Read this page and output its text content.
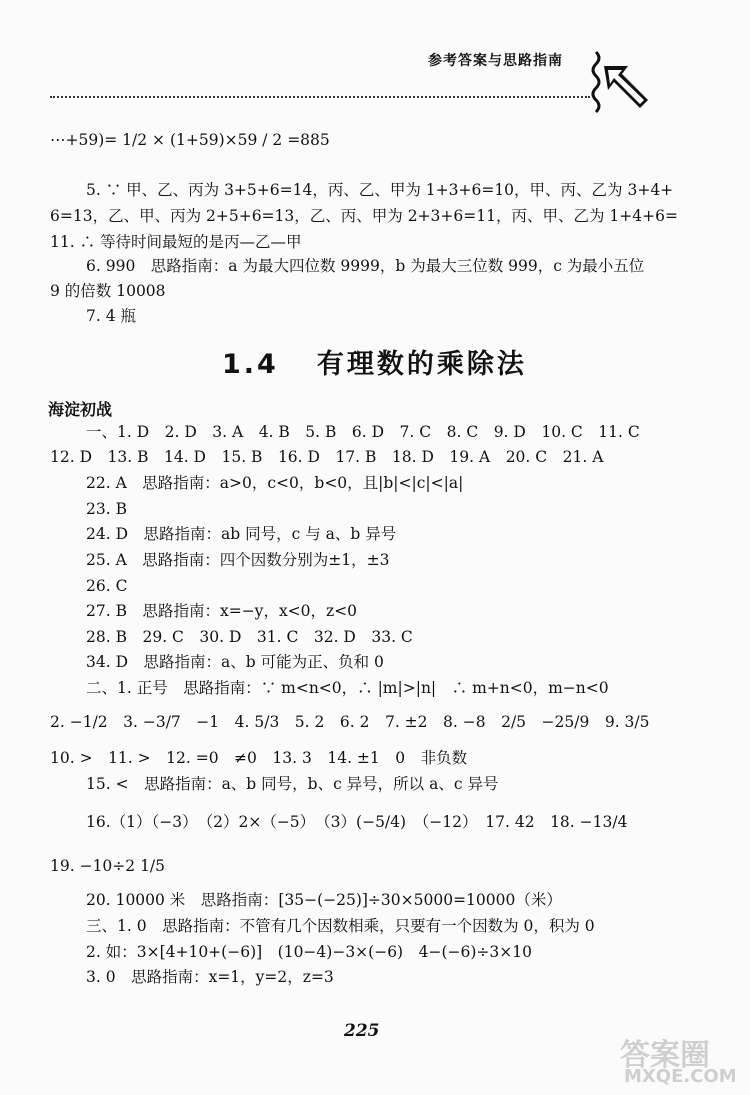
参考答案与思路指南
⋯+59)= 1/2 × (1+59)×59 / 2 =885
5. ∵ 甲、乙、丙为 3+5+6=14，丙、乙、甲为 1+3+6=10，甲、丙、乙为 3+4+
6=13，乙、甲、丙为 2+5+6=13，乙、丙、甲为 2+3+6=11，丙、甲、乙为 1+4+6=
11. ∴ 等待时间最短的是丙—乙—甲
6. 990　思路指南：a 为最大四位数 9999，b 为最大三位数 999，c 为最小五位
9 的倍数 10008
7. 4 瓶
1.4 有理数的乘除法
海淀初战
一、1. D　2. D　3. A　4. B　5. B　6. D　7. C　8. C　9. D　10. C　11. C
12. D　13. B　14. D　15. B　16. D　17. B　18. D　19. A　20. C　21. A
22. A　思路指南：a>0，c<0，b<0，且|b|<|c|<|a|
23. B
24. D　思路指南：ab 同号，c 与 a、b 异号
25. A　思路指南：四个因数分别为±1，±3
26. C
27. B　思路指南：x=−y，x<0，z<0
28. B　29. C　30. D　31. C　32. D　33. C
34. D　思路指南：a、b 可能为正、负和 0
二、1. 正号　思路指南：∵ m<n<0，∴ |m|>|n|　∴ m+n<0，m−n<0
2. −1/2　3. −3/7　−1　4. 5/3　5. 2　6. 2　7. ±2　8. −8　2/5　−25/9　9. 3/5
10. >　11. >　12. =0　≠0　13. 3　14. ±1　0　非负数
15. <　思路指南：a、b 同号，b、c 异号，所以 a、c 异号
16.（1）（−3）　（2）2×（−5）　（3）(−5/4)　（−12）　17. 42　18. −13/4
19. −10÷2 1/5
20. 10000 米　思路指南：[35−(−25)]÷30×5000=10000（米）
三、1. 0　思路指南：不管有几个因数相乘，只要有一个因数为 0，积为 0
2. 如：3×[4+10+(−6)]　(10−4)−3×(−6)　4−(−6)÷3×10
3. 0　思路指南：x=1，y=2，z=3
225
答案圈
MXQE.COM
